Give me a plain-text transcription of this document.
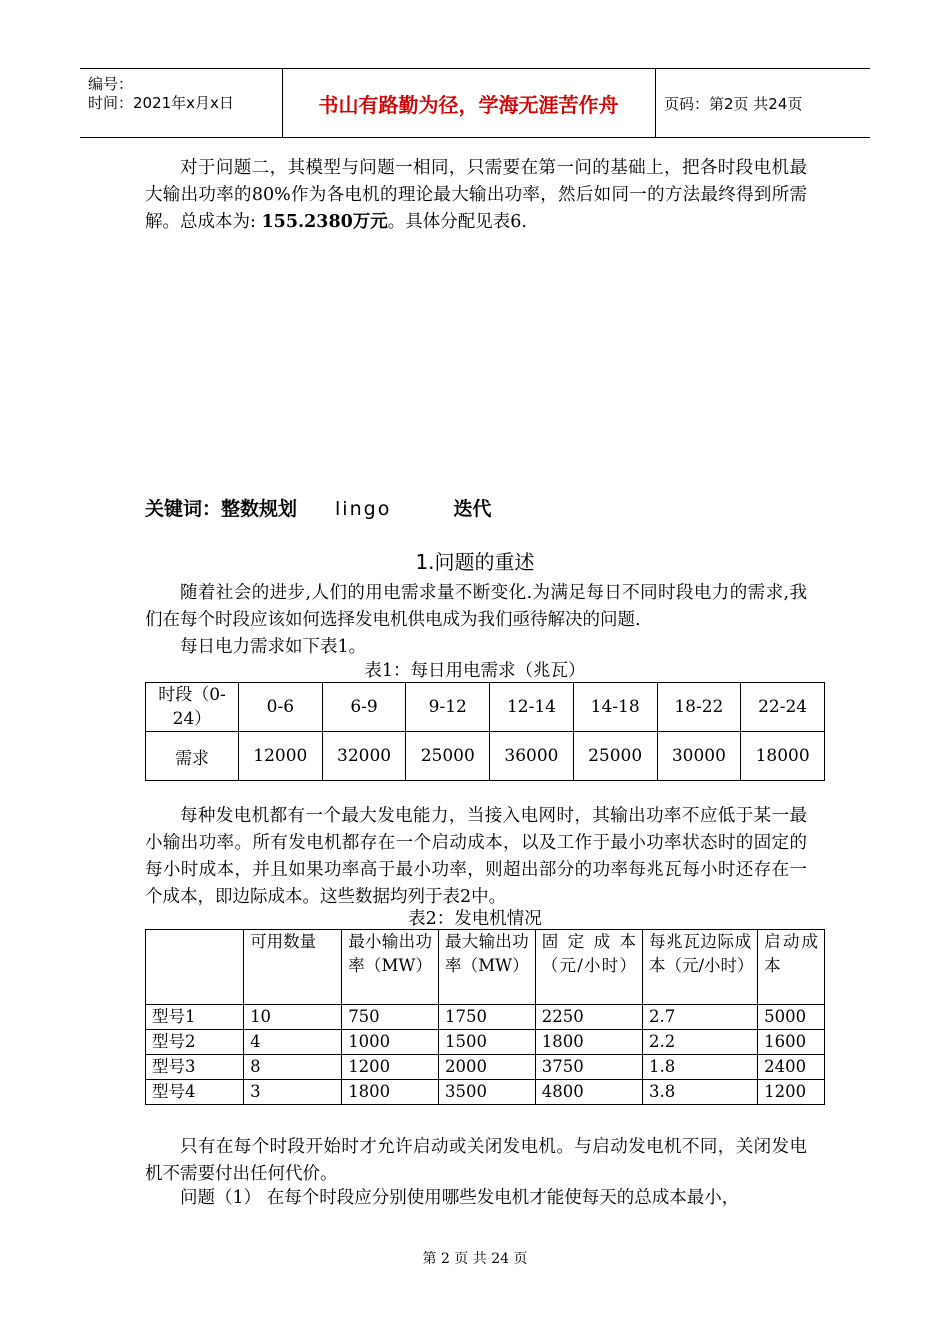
编号：
时间：2021年x月x日	书山有路勤为径，学海无涯苦作舟	页码：第2页 共24页

对于问题二，其模型与问题一相同，只需要在第一问的基础上，把各时段电机最大输出功率的80%作为各电机的理论最大输出功率，然后如同一的方法最终得到所需解。总成本为: 155.2380万元。具体分配见表6.

关键词：整数规划 lingo	迭代
1.问题的重述

随着社会的进步,人们的用电需求量不断变化.为满足每日不同时段电力的需求,我们在每个时段应该如何选择发电机供电成为我们亟待解决的问题.

每日电力需求如下表1。
表1：每日用电需求（兆瓦）
时段（0-24）	0-6	6-9	9-12	12-14	14-18	18-22	22-24
需求	12000	32000	25000	36000	25000	30000	18000

每种发电机都有一个最大发电能力，当接入电网时，其输出功率不应低于某一最小输出功率。所有发电机都存在一个启动成本，以及工作于最小功率状态时的固定的每小时成本，并且如果功率高于最小功率，则超出部分的功率每兆瓦每小时还存在一个成本，即边际成本。这些数据均列于表2中。

表2：发电机情况
	可用数量	最小输出功率（MW）	最大输出功率（MW）	固定成本（元/小时）	每兆瓦边际成本（元/小时）	启动成本
型号1	10	750	1750	2250	2.7	5000
型号2	4	1000	1500	1800	2.2	1600
型号3	8	1200	2000	3750	1.8	2400
型号4	3	1800	3500	4800	3.8	1200

只有在每个时段开始时才允许启动或关闭发电机。与启动发电机不同，关闭发电机不需要付出任何代价。

问题（1） 在每个时段应分别使用哪些发电机才能使每天的总成本最小，
第 2 页 共 24 页
